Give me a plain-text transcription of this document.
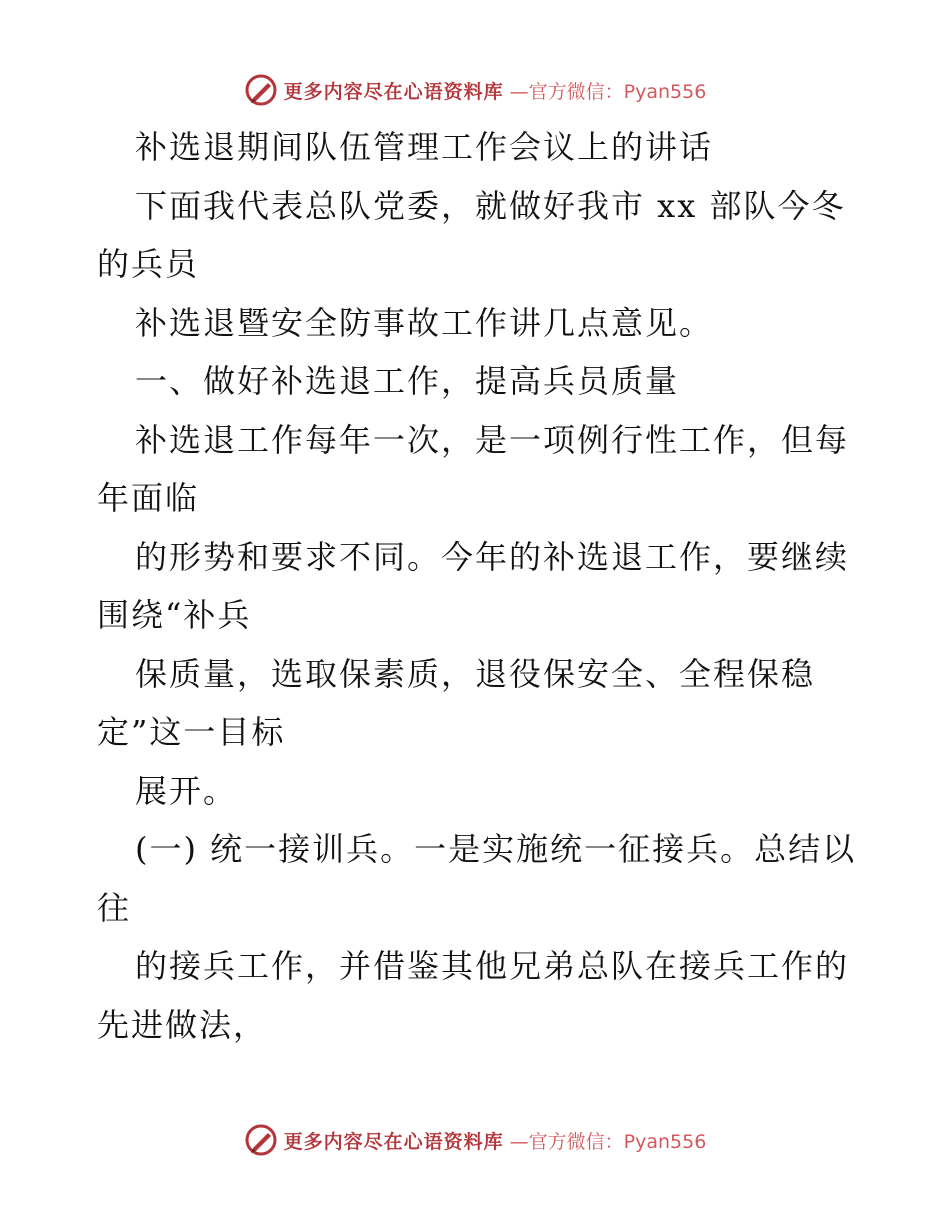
更多内容尽在心语资料库 —官方微信：Pyan556
补选退期间队伍管理工作会议上的讲话
下面我代表总队党委，就做好我市 xx 部队今冬
的兵员
补选退暨安全防事故工作讲几点意见。
一、做好补选退工作，提高兵员质量
补选退工作每年一次，是一项例行性工作，但每
年面临
的形势和要求不同。今年的补选退工作，要继续
围绕“补兵
保质量，选取保素质，退役保安全、全程保稳
定”这一目标
展开。
(一) 统一接训兵。一是实施统一征接兵。总结以
往
的接兵工作，并借鉴其他兄弟总队在接兵工作的
先进做法，
更多内容尽在心语资料库 —官方微信：Pyan556
